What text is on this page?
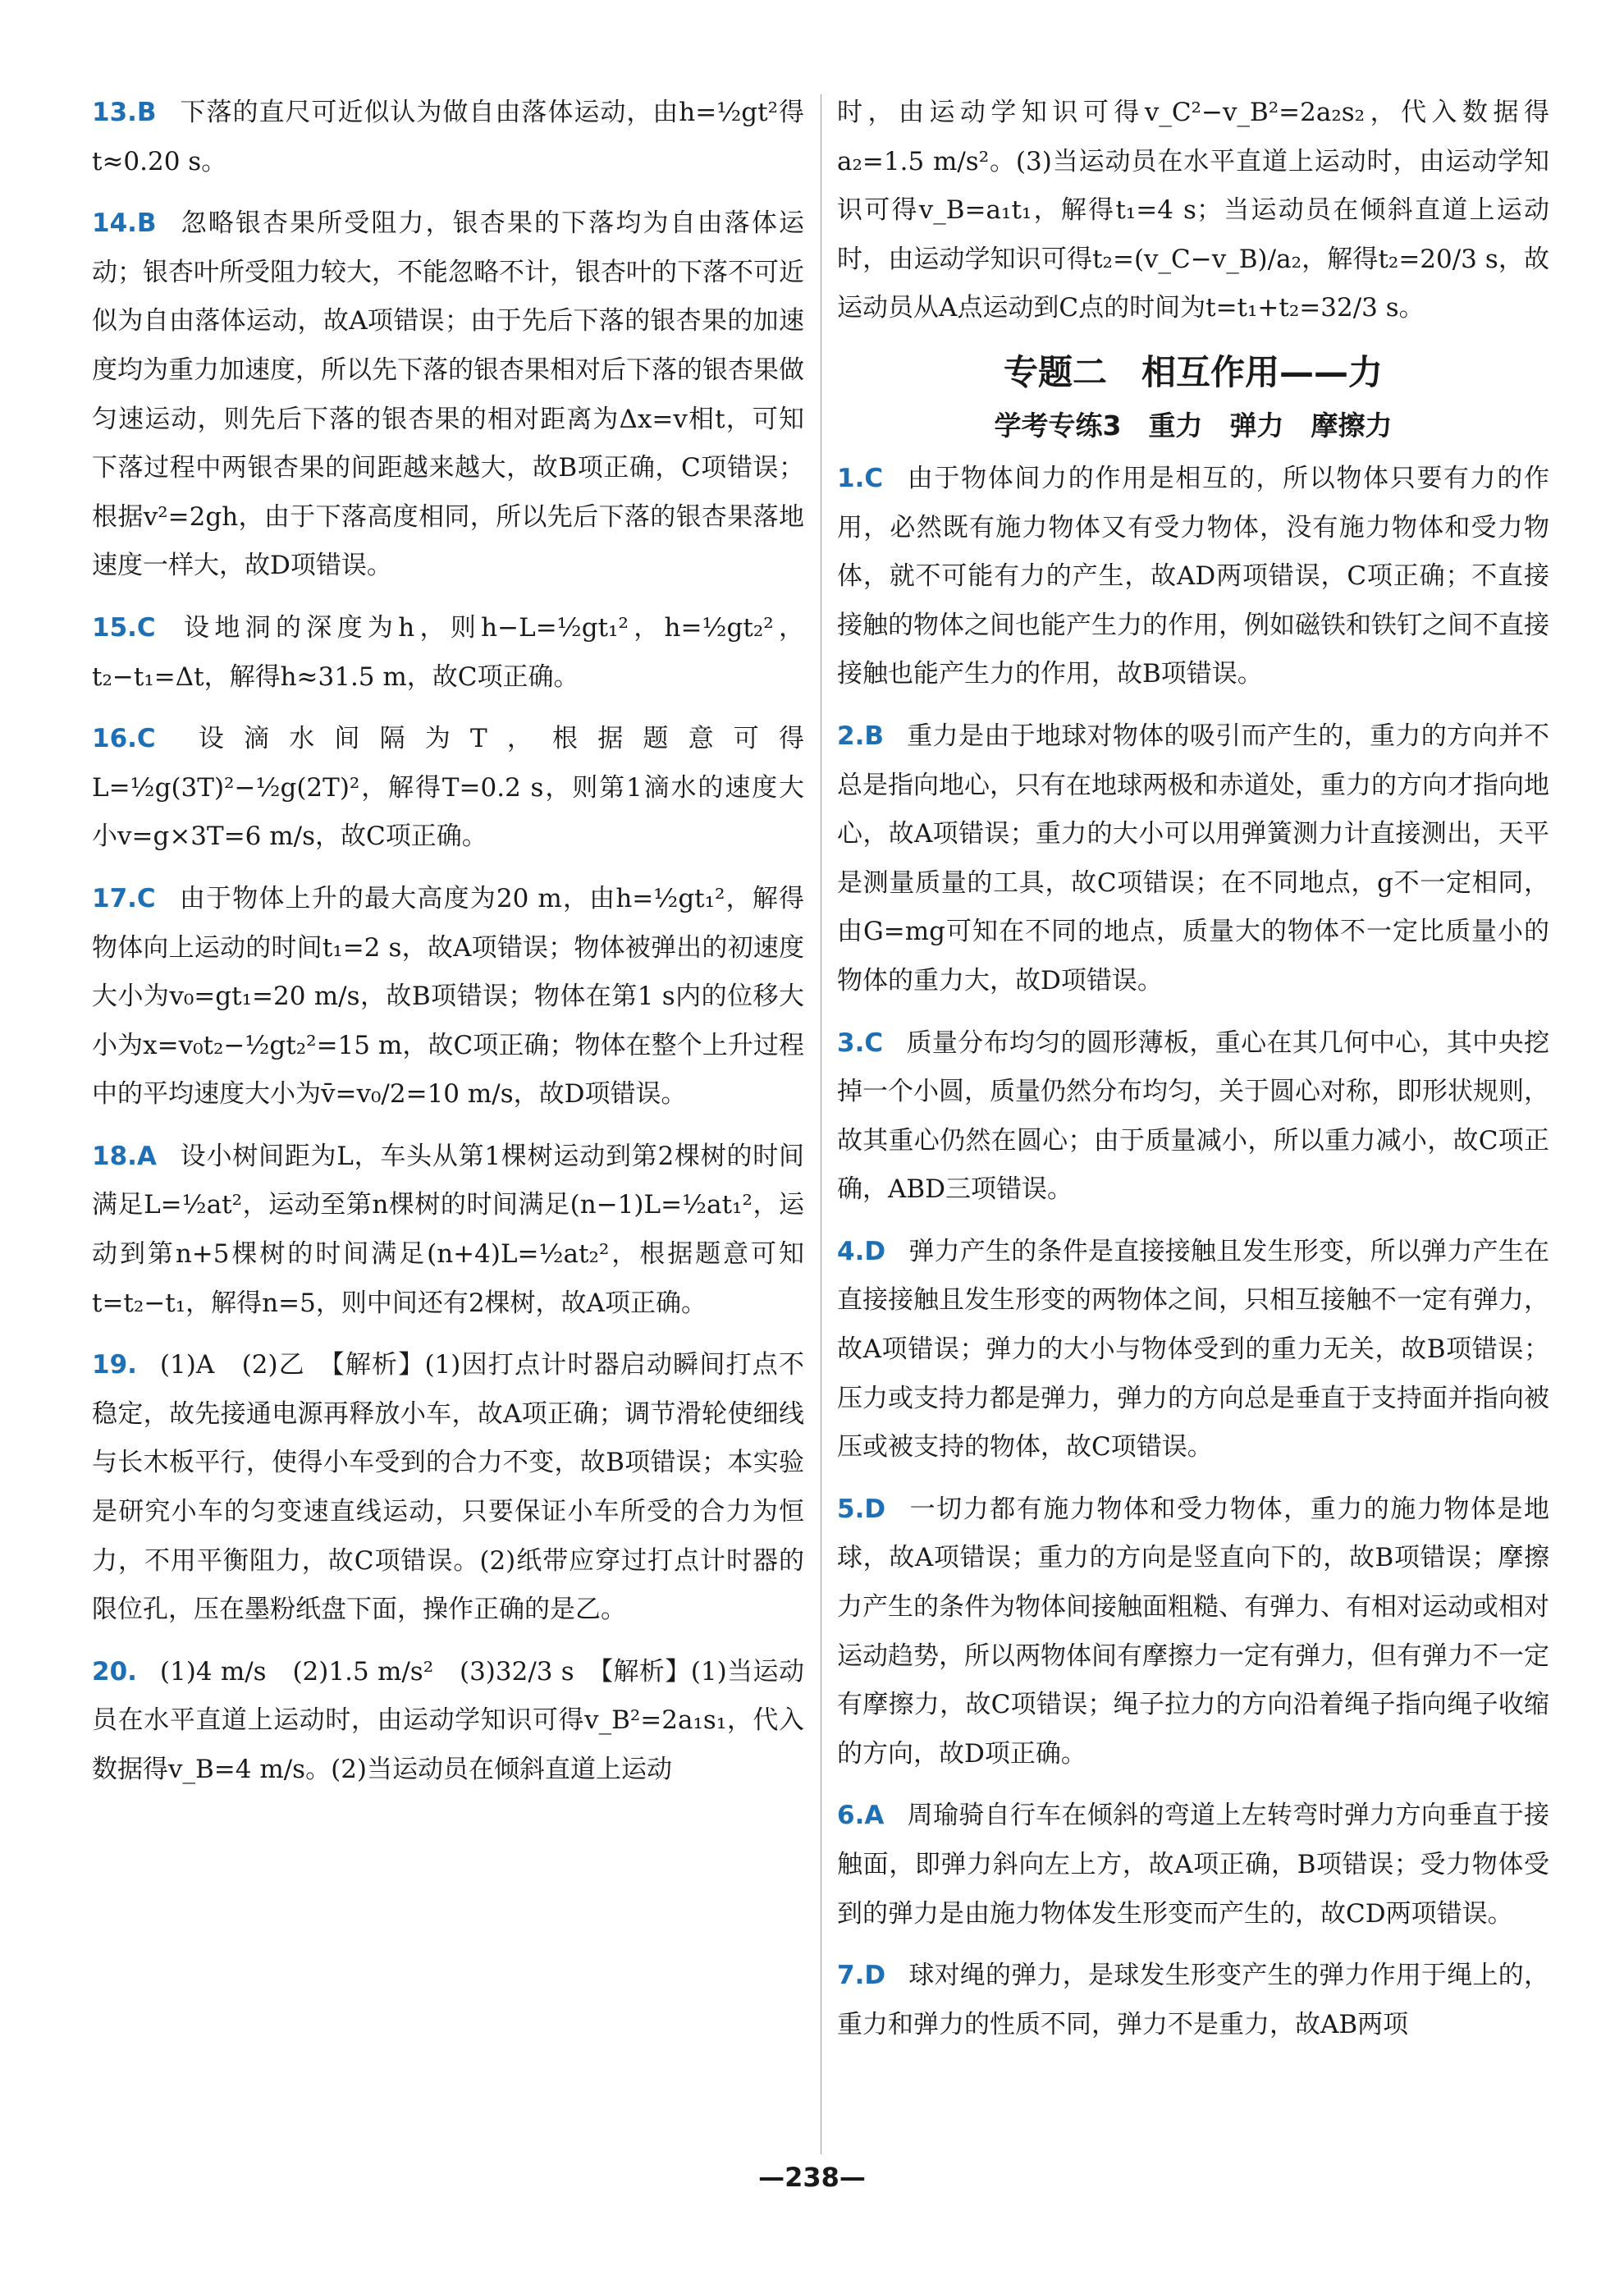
13.B 下落的直尺可近似认为做自由落体运动，由h=½gt²得t≈0.20 s。
14.B 忽略银杏果所受阻力，银杏果的下落均为自由落体运动；银杏叶所受阻力较大，不能忽略不计，银杏叶的下落不可近似为自由落体运动，故A项错误；由于先后下落的银杏果的加速度均为重力加速度，所以先下落的银杏果相对后下落的银杏果做匀速运动，则先后下落的银杏果的相对距离为Δx=v相t，可知下落过程中两银杏果的间距越来越大，故B项正确，C项错误；根据v²=2gh，由于下落高度相同，所以先后下落的银杏果落地速度一样大，故D项错误。
15.C 设地洞的深度为h，则h−L=½gt₁²，h=½gt₂²，t₂−t₁=Δt，解得h≈31.5 m，故C项正确。
16.C 设滴水间隔为T，根据题意可得L=½g(3T)²−½g(2T)²，解得T=0.2 s，则第1滴水的速度大小v=g×3T=6 m/s，故C项正确。
17.C 由于物体上升的最大高度为20 m，由h=½gt₁²，解得物体向上运动的时间t₁=2 s，故A项错误；物体被弹出的初速度大小为v₀=gt₁=20 m/s，故B项错误；物体在第1 s内的位移大小为x=v₀t₂−½gt₂²=15 m，故C项正确；物体在整个上升过程中的平均速度大小为v̄=v₀/2=10 m/s，故D项错误。
18.A 设小树间距为L，车头从第1棵树运动到第2棵树的时间满足L=½at²，运动至第n棵树的时间满足(n−1)L=½at₁²，运动到第n+5棵树的时间满足(n+4)L=½at₂²，根据题意可知t=t₂−t₁，解得n=5，则中间还有2棵树，故A项正确。
19. (1)A　(2)乙　【解析】(1)因打点计时器启动瞬间打点不稳定，故先接通电源再释放小车，故A项正确；调节滑轮使细线与长木板平行，使得小车受到的合力不变，故B项错误；本实验是研究小车的匀变速直线运动，只要保证小车所受的合力为恒力，不用平衡阻力，故C项错误。(2)纸带应穿过打点计时器的限位孔，压在墨粉纸盘下面，操作正确的是乙。
20. (1)4 m/s　(2)1.5 m/s²　(3)32/3 s　【解析】(1)当运动员在水平直道上运动时，由运动学知识可得v_B²=2a₁s₁，代入数据得v_B=4 m/s。(2)当运动员在倾斜直道上运动
时，由运动学知识可得v_C²−v_B²=2a₂s₂，代入数据得a₂=1.5 m/s²。(3)当运动员在水平直道上运动时，由运动学知识可得v_B=a₁t₁，解得t₁=4 s；当运动员在倾斜直道上运动时，由运动学知识可得t₂=(v_C−v_B)/a₂，解得t₂=20/3 s，故运动员从A点运动到C点的时间为t=t₁+t₂=32/3 s。
专题二　相互作用——力
学考专练3　重力　弹力　摩擦力
1.C 由于物体间力的作用是相互的，所以物体只要有力的作用，必然既有施力物体又有受力物体，没有施力物体和受力物体，就不可能有力的产生，故AD两项错误，C项正确；不直接接触的物体之间也能产生力的作用，例如磁铁和铁钉之间不直接接触也能产生力的作用，故B项错误。
2.B 重力是由于地球对物体的吸引而产生的，重力的方向并不总是指向地心，只有在地球两极和赤道处，重力的方向才指向地心，故A项错误；重力的大小可以用弹簧测力计直接测出，天平是测量质量的工具，故C项错误；在不同地点，g不一定相同，由G=mg可知在不同的地点，质量大的物体不一定比质量小的物体的重力大，故D项错误。
3.C 质量分布均匀的圆形薄板，重心在其几何中心，其中央挖掉一个小圆，质量仍然分布均匀，关于圆心对称，即形状规则，故其重心仍然在圆心；由于质量减小，所以重力减小，故C项正确，ABD三项错误。
4.D 弹力产生的条件是直接接触且发生形变，所以弹力产生在直接接触且发生形变的两物体之间，只相互接触不一定有弹力，故A项错误；弹力的大小与物体受到的重力无关，故B项错误；压力或支持力都是弹力，弹力的方向总是垂直于支持面并指向被压或被支持的物体，故C项错误。
5.D 一切力都有施力物体和受力物体，重力的施力物体是地球，故A项错误；重力的方向是竖直向下的，故B项错误；摩擦力产生的条件为物体间接触面粗糙、有弹力、有相对运动或相对运动趋势，所以两物体间有摩擦力一定有弹力，但有弹力不一定有摩擦力，故C项错误；绳子拉力的方向沿着绳子指向绳子收缩的方向，故D项正确。
6.A 周瑜骑自行车在倾斜的弯道上左转弯时弹力方向垂直于接触面，即弹力斜向左上方，故A项正确，B项错误；受力物体受到的弹力是由施力物体发生形变而产生的，故CD两项错误。
7.D 球对绳的弹力，是球发生形变产生的弹力作用于绳上的，重力和弹力的性质不同，弹力不是重力，故AB两项
—238—
